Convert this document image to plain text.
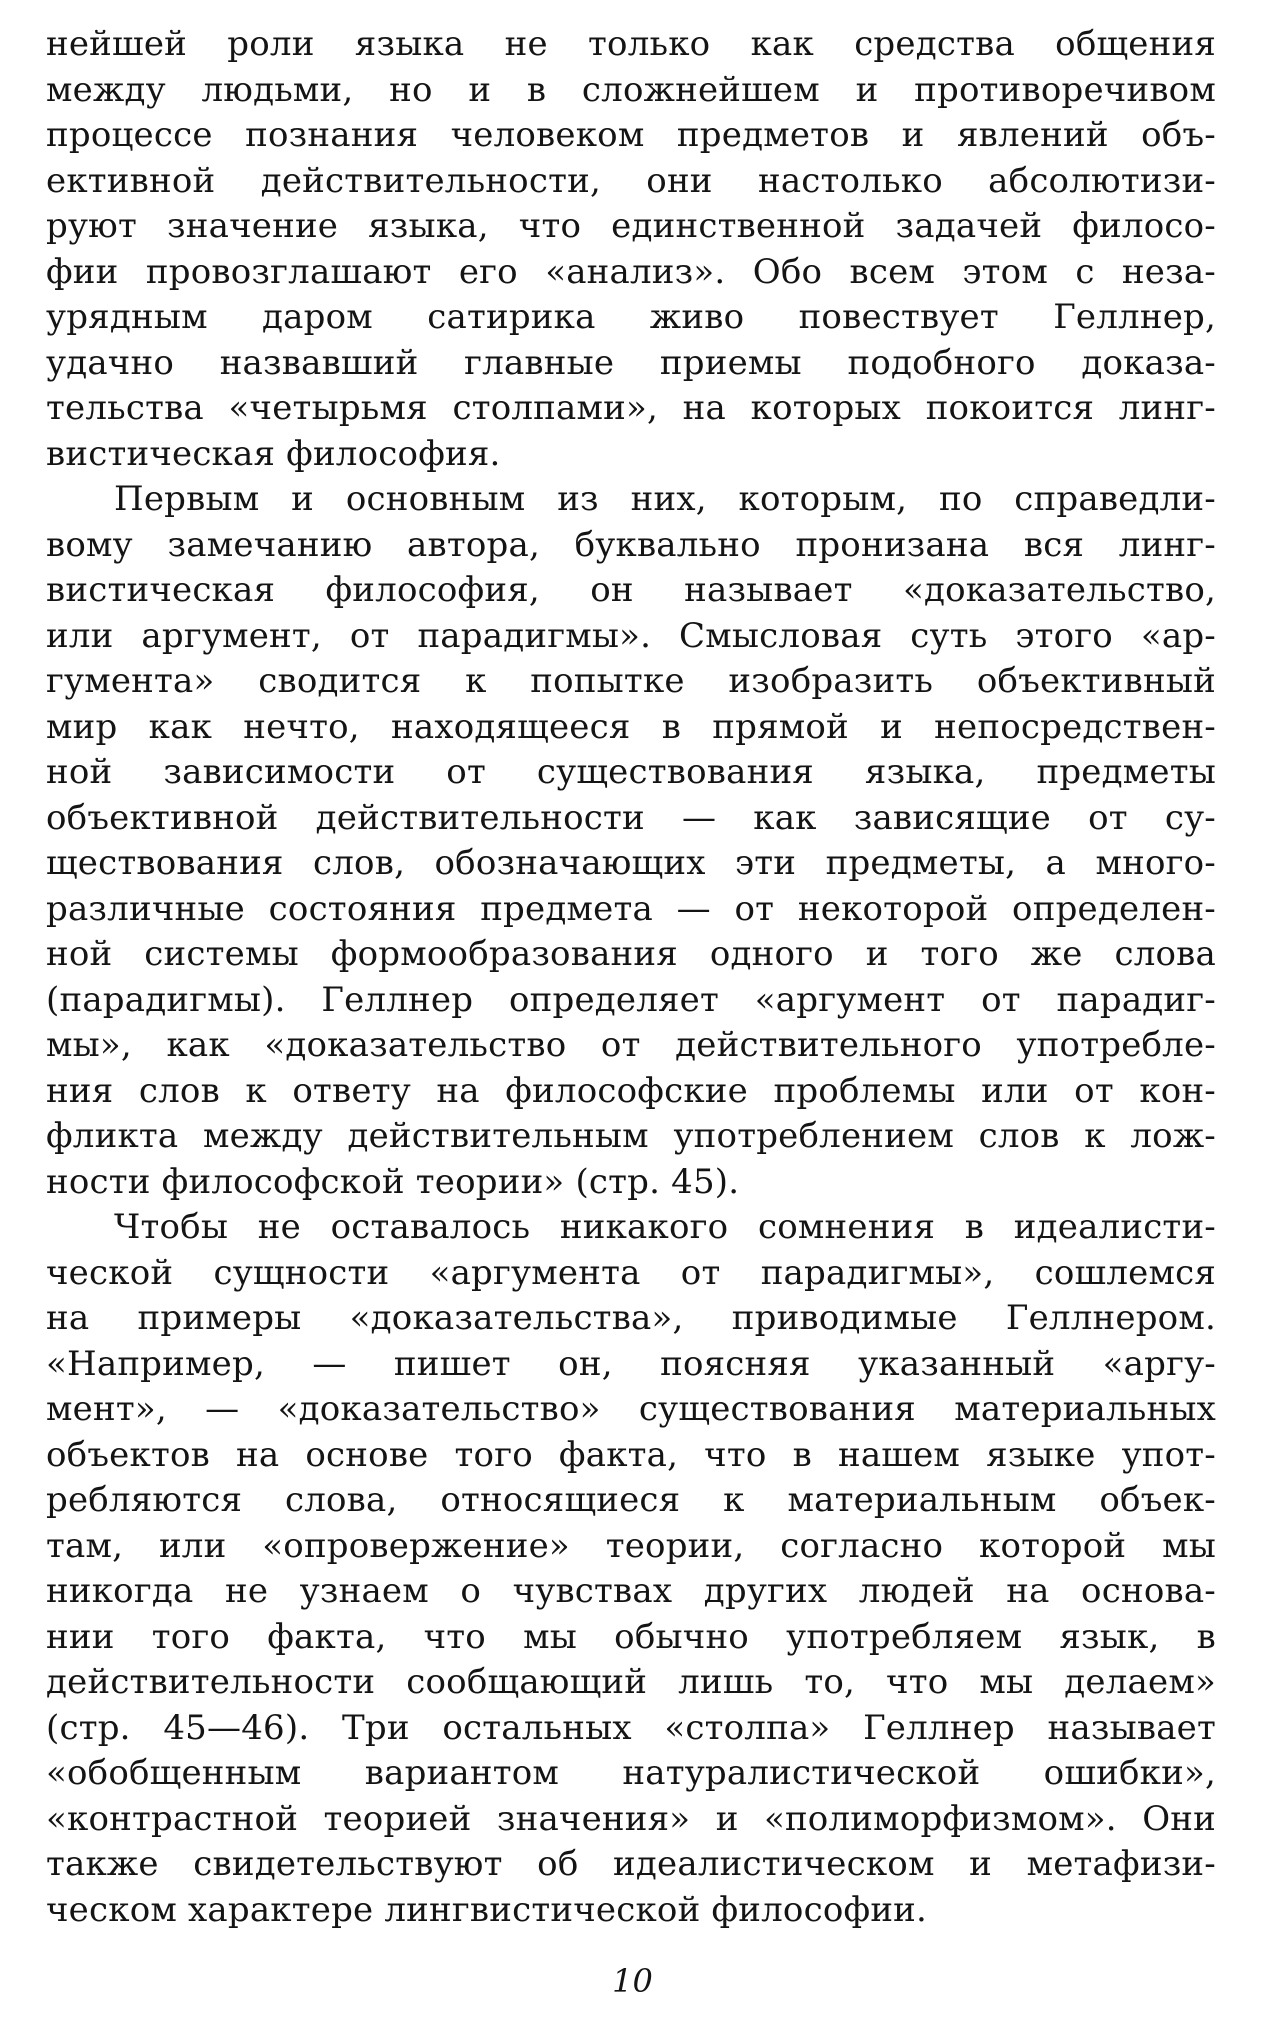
нейшей роли языка не только как средства общения
между людьми, но и в сложнейшем и противоречивом
процессе познания человеком предметов и явлений объ-
ективной действительности, они настолько абсолютизи-
руют значение языка, что единственной задачей филосо-
фии провозглашают его «анализ». Обо всем этом с неза-
урядным даром сатирика живо повествует Геллнер,
удачно назвавший главные приемы подобного доказа-
тельства «четырьмя столпами», на которых покоится линг-
вистическая философия.
Первым и основным из них, которым, по справедли-
вому замечанию автора, буквально пронизана вся линг-
вистическая философия, он называет «доказательство,
или аргумент, от парадигмы». Смысловая суть этого «ар-
гумента» сводится к попытке изобразить объективный
мир как нечто, находящееся в прямой и непосредствен-
ной зависимости от существования языка, предметы
объективной действительности — как зависящие от су-
ществования слов, обозначающих эти предметы, а много-
различные состояния предмета — от некоторой определен-
ной системы формообразования одного и того же слова
(парадигмы). Геллнер определяет «аргумент от парадиг-
мы», как «доказательство от действительного употребле-
ния слов к ответу на философские проблемы или от кон-
фликта между действительным употреблением слов к лож-
ности философской теории» (стр. 45).
Чтобы не оставалось никакого сомнения в идеалисти-
ческой сущности «аргумента от парадигмы», сошлемся
на примеры «доказательства», приводимые Геллнером.
«Например, — пишет он, поясняя указанный «аргу-
мент», — «доказательство» существования материальных
объектов на основе того факта, что в нашем языке упот-
ребляются слова, относящиеся к материальным объек-
там, или «опровержение» теории, согласно которой мы
никогда не узнаем о чувствах других людей на основа-
нии того факта, что мы обычно употребляем язык, в
действительности сообщающий лишь то, что мы делаем»
(стр. 45—46). Три остальных «столпа» Геллнер называет
«обобщенным вариантом натуралистической ошибки»,
«контрастной теорией значения» и «полиморфизмом». Они
также свидетельствуют об идеалистическом и метафизи-
ческом характере лингвистической философии.
10
